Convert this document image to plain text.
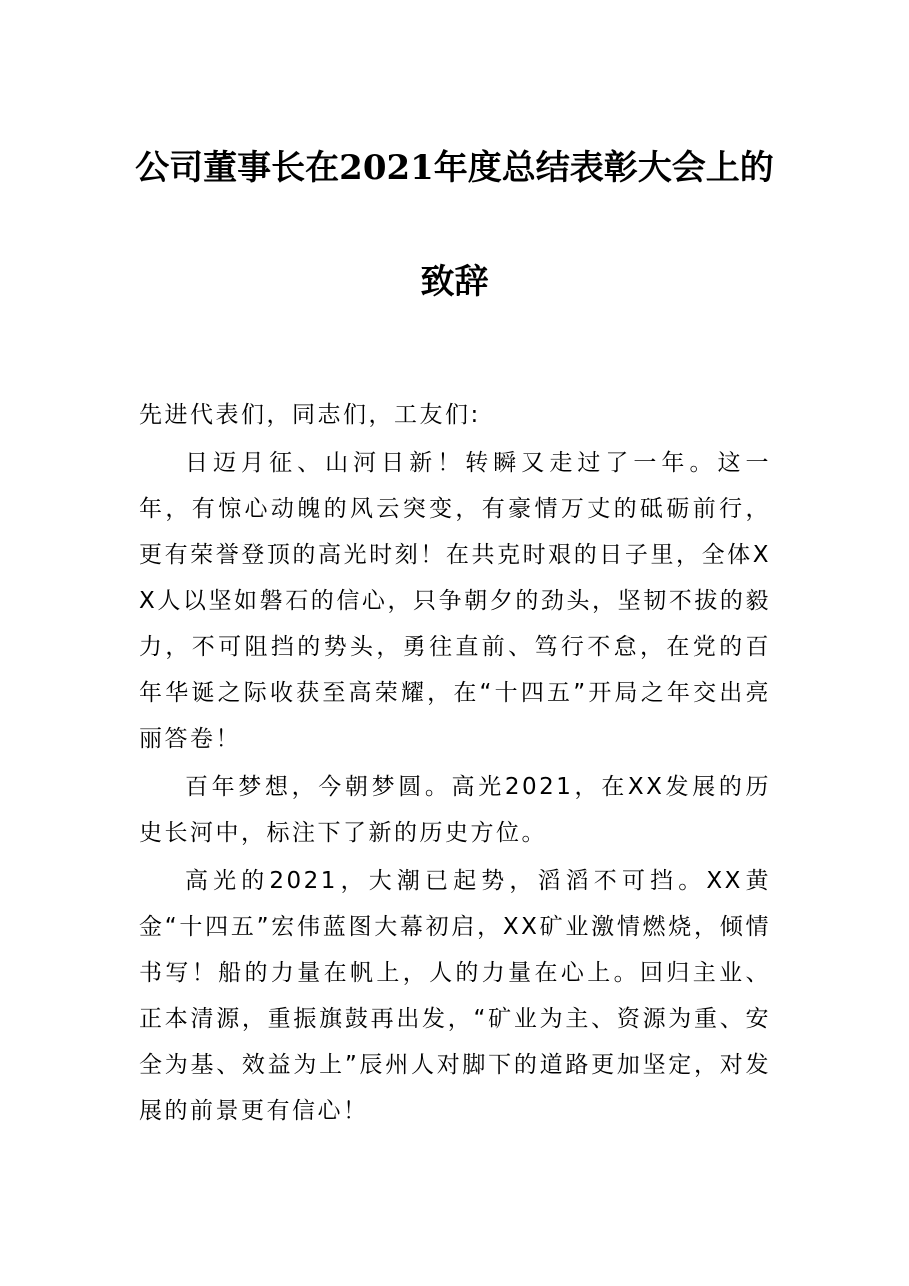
公司董事长在2021年度总结表彰大会上的
致辞

先进代表们，同志们，工友们:

日迈月征、山河日新！转瞬又走过了一年。这一年，有惊心动魄的风云突变，有豪情万丈的砥砺前行，更有荣誉登顶的高光时刻！在共克时艰的日子里，全体XX人以坚如磐石的信心，只争朝夕的劲头，坚韧不拔的毅力，不可阻挡的势头，勇往直前、笃行不怠，在党的百年华诞之际收获至高荣耀，在“十四五”开局之年交出亮丽答卷！

百年梦想，今朝梦圆。高光2021，在XX发展的历史长河中，标注下了新的历史方位。

高光的2021，大潮已起势，滔滔不可挡。XX黄金“十四五”宏伟蓝图大幕初启，XX矿业激情燃烧，倾情书写！船的力量在帆上，人的力量在心上。回归主业、正本清源，重振旗鼓再出发，“矿业为主、资源为重、安全为基、效益为上”辰州人对脚下的道路更加坚定，对发展的前景更有信心！
